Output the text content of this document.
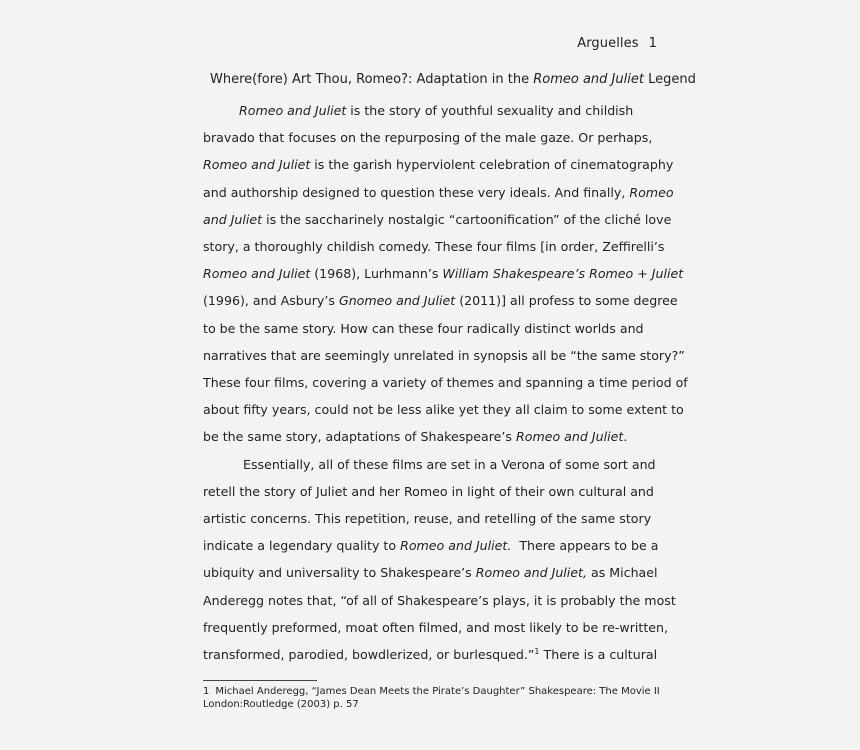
Arguelles 1
Where(fore) Art Thou, Romeo?: Adaptation in the Romeo and Juliet Legend
Romeo and Juliet is the story of youthful sexuality and childish
bravado that focuses on the repurposing of the male gaze. Or perhaps,
Romeo and Juliet is the garish hyperviolent celebration of cinematography
and authorship designed to question these very ideals. And finally, Romeo
and Juliet is the saccharinely nostalgic “cartoonification” of the cliché love
story, a thoroughly childish comedy. These four films [in order, Zeffirelli’s
Romeo and Juliet (1968), Lurhmann’s William Shakespeare’s Romeo + Juliet
(1996), and Asbury’s Gnomeo and Juliet (2011)] all profess to some degree
to be the same story. How can these four radically distinct worlds and
narratives that are seemingly unrelated in synopsis all be “the same story?”
These four films, covering a variety of themes and spanning a time period of
about fifty years, could not be less alike yet they all claim to some extent to
be the same story, adaptations of Shakespeare’s Romeo and Juliet.
Essentially, all of these films are set in a Verona of some sort and
retell the story of Juliet and her Romeo in light of their own cultural and
artistic concerns. This repetition, reuse, and retelling of the same story
indicate a legendary quality to Romeo and Juliet.  There appears to be a
ubiquity and universality to Shakespeare’s Romeo and Juliet, as Michael
Anderegg notes that, “of all of Shakespeare’s plays, it is probably the most
frequently preformed, moat often filmed, and most likely to be re-written,
transformed, parodied, bowdlerized, or burlesqued.”$^1$ There is a cultural
1 Michael Anderegg, “James Dean Meets the Pirate’s Daughter” Shakespeare: The Movie II
London:Routledge (2003) p. 57
